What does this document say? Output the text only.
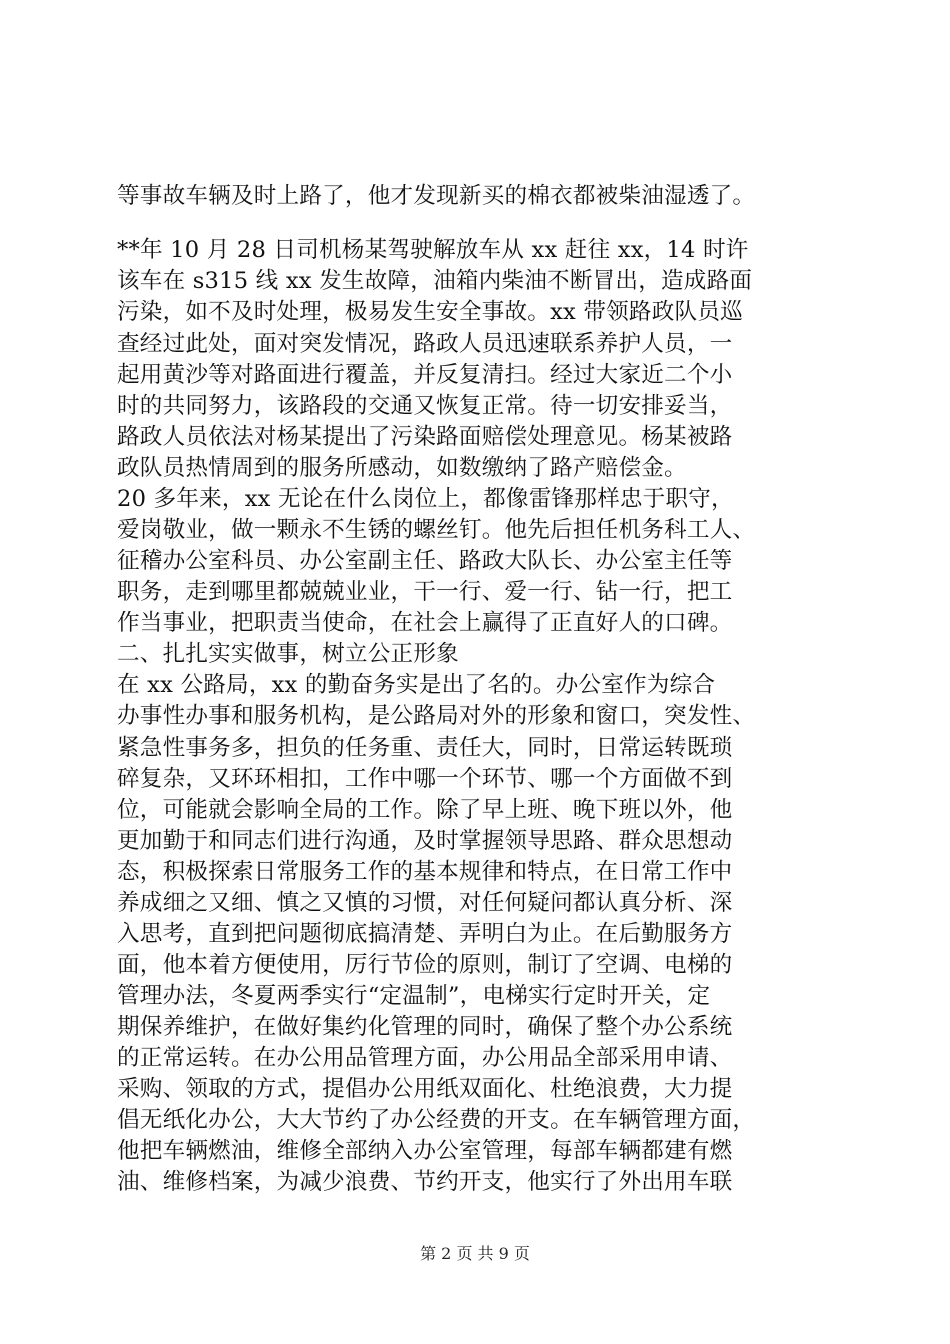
等事故车辆及时上路了，他才发现新买的棉衣都被柴油湿透了。
**年 10 月 28 日司机杨某驾驶解放车从 xx 赶往 xx，14 时许
该车在 s315 线 xx 发生故障，油箱内柴油不断冒出，造成路面
污染，如不及时处理，极易发生安全事故。xx 带领路政队员巡
查经过此处，面对突发情况，路政人员迅速联系养护人员，一
起用黄沙等对路面进行覆盖，并反复清扫。经过大家近二个小
时的共同努力，该路段的交通又恢复正常。待一切安排妥当，
路政人员依法对杨某提出了污染路面赔偿处理意见。杨某被路
政队员热情周到的服务所感动，如数缴纳了路产赔偿金。
20 多年来，xx 无论在什么岗位上，都像雷锋那样忠于职守，
爱岗敬业，做一颗永不生锈的螺丝钉。他先后担任机务科工人、
征稽办公室科员、办公室副主任、路政大队长、办公室主任等
职务，走到哪里都兢兢业业，干一行、爱一行、钻一行，把工
作当事业，把职责当使命，在社会上赢得了正直好人的口碑。
二、扎扎实实做事，树立公正形象
在 xx 公路局，xx 的勤奋务实是出了名的。办公室作为综合
办事性办事和服务机构，是公路局对外的形象和窗口，突发性、
紧急性事务多，担负的任务重、责任大，同时，日常运转既琐
碎复杂，又环环相扣，工作中哪一个环节、哪一个方面做不到
位，可能就会影响全局的工作。除了早上班、晚下班以外，他
更加勤于和同志们进行沟通，及时掌握领导思路、群众思想动
态，积极探索日常服务工作的基本规律和特点，在日常工作中
养成细之又细、慎之又慎的习惯，对任何疑问都认真分析、深
入思考，直到把问题彻底搞清楚、弄明白为止。在后勤服务方
面，他本着方便使用，厉行节俭的原则，制订了空调、电梯的
管理办法，冬夏两季实行“定温制”，电梯实行定时开关，定
期保养维护，在做好集约化管理的同时，确保了整个办公系统
的正常运转。在办公用品管理方面，办公用品全部采用申请、
采购、领取的方式，提倡办公用纸双面化、杜绝浪费，大力提
倡无纸化办公，大大节约了办公经费的开支。在车辆管理方面，
他把车辆燃油，维修全部纳入办公室管理，每部车辆都建有燃
油、维修档案，为减少浪费、节约开支，他实行了外出用车联
第 2 页 共 9 页
